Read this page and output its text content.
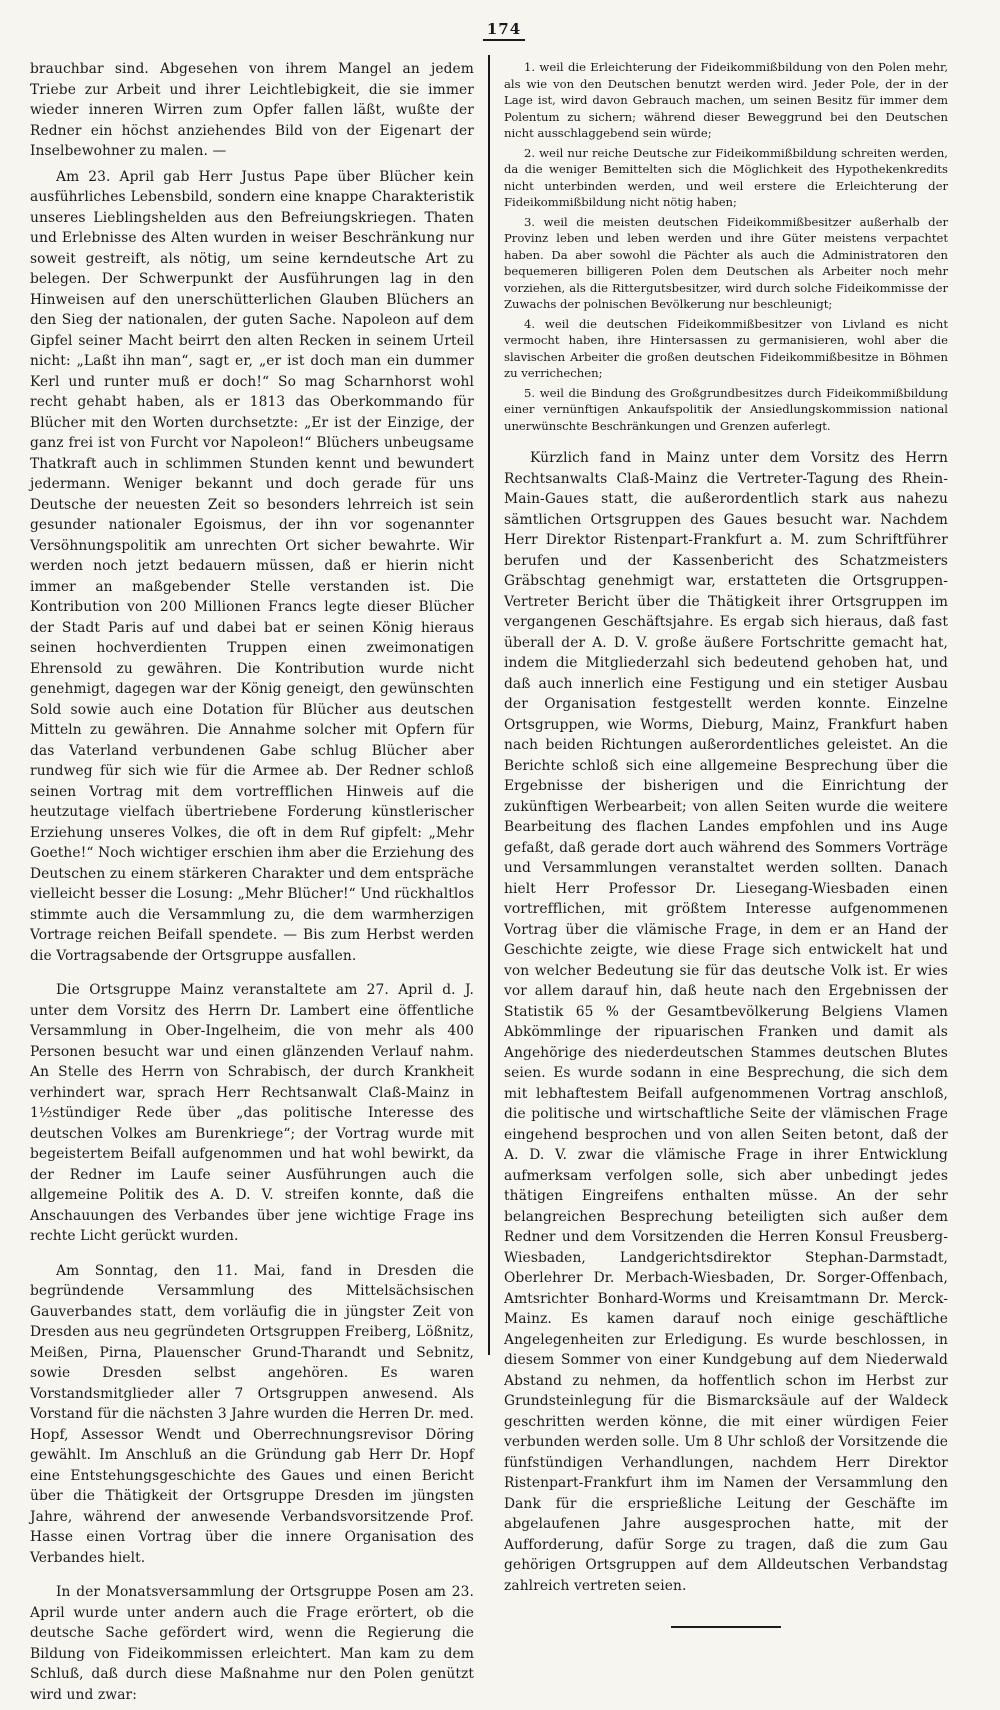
174

brauchbar sind. Abgesehen von ihrem Mangel an jedem Triebe zur Arbeit und ihrer Leichtlebigkeit, die sie immer wieder inneren Wirren zum Opfer fallen läßt, wußte der Redner ein höchst anziehendes Bild von der Eigenart der Inselbewohner zu malen. —

Am 23. April gab Herr Justus Pape über Blücher kein ausführliches Lebensbild, sondern eine knappe Charakteristik unseres Lieblingshelden aus den Befreiungskriegen. Thaten und Erlebnisse des Alten wurden in weiser Beschränkung nur soweit gestreift, als nötig, um seine kerndeutsche Art zu belegen. Der Schwerpunkt der Ausführungen lag in den Hinweisen auf den unerschütterlichen Glauben Blüchers an den Sieg der nationalen, der guten Sache. Napoleon auf dem Gipfel seiner Macht beirrt den alten Recken in seinem Urteil nicht: „Laßt ihn man“, sagt er, „er ist doch man ein dummer Kerl und runter muß er doch!“ So mag Scharnhorst wohl recht gehabt haben, als er 1813 das Oberkommando für Blücher mit den Worten durchsetzte: „Er ist der Einzige, der ganz frei ist von Furcht vor Napoleon!“ Blüchers unbeugsame Thatkraft auch in schlimmen Stunden kennt und bewundert jedermann. Weniger bekannt und doch gerade für uns Deutsche der neuesten Zeit so besonders lehrreich ist sein gesunder nationaler Egoismus, der ihn vor sogenannter Versöhnungspolitik am unrechten Ort sicher bewahrte. Wir werden noch jetzt bedauern müssen, daß er hierin nicht immer an maßgebender Stelle verstanden ist. Die Kontribution von 200 Millionen Francs legte dieser Blücher der Stadt Paris auf und dabei bat er seinen König hieraus seinen hochverdienten Truppen einen zweimonatigen Ehrensold zu gewähren. Die Kontribution wurde nicht genehmigt, dagegen war der König geneigt, den gewünschten Sold sowie auch eine Dotation für Blücher aus deutschen Mitteln zu gewähren. Die Annahme solcher mit Opfern für das Vaterland verbundenen Gabe schlug Blücher aber rundweg für sich wie für die Armee ab. Der Redner schloß seinen Vortrag mit dem vortrefflichen Hinweis auf die heutzutage vielfach übertriebene Forderung künstlerischer Erziehung unseres Volkes, die oft in dem Ruf gipfelt: „Mehr Goethe!“ Noch wichtiger erschien ihm aber die Erziehung des Deutschen zu einem stärkeren Charakter und dem entspräche vielleicht besser die Losung: „Mehr Blücher!“ Und rückhaltlos stimmte auch die Versammlung zu, die dem warmherzigen Vortrage reichen Beifall spendete. — Bis zum Herbst werden die Vortragsabende der Ortsgruppe ausfallen.

Die Ortsgruppe Mainz veranstaltete am 27. April d. J. unter dem Vorsitz des Herrn Dr. Lambert eine öffentliche Versammlung in Ober-Ingelheim, die von mehr als 400 Personen besucht war und einen glänzenden Verlauf nahm. An Stelle des Herrn von Schrabisch, der durch Krankheit verhindert war, sprach Herr Rechtsanwalt Claß-Mainz in 1½stündiger Rede über „das politische Interesse des deutschen Volkes am Burenkriege“; der Vortrag wurde mit begeistertem Beifall aufgenommen und hat wohl bewirkt, da der Redner im Laufe seiner Ausführungen auch die allgemeine Politik des A. D. V. streifen konnte, daß die Anschauungen des Verbandes über jene wichtige Frage ins rechte Licht gerückt wurden.

Am Sonntag, den 11. Mai, fand in Dresden die begründende Versammlung des Mittelsächsischen Gauverbandes statt, dem vorläufig die in jüngster Zeit von Dresden aus neu gegründeten Ortsgruppen Freiberg, Lößnitz, Meißen, Pirna, Plauenscher Grund-Tharandt und Sebnitz, sowie Dresden selbst angehören. Es waren Vorstandsmitglieder aller 7 Ortsgruppen anwesend. Als Vorstand für die nächsten 3 Jahre wurden die Herren Dr. med. Hopf, Assessor Wendt und Oberrechnungsrevisor Döring gewählt. Im Anschluß an die Gründung gab Herr Dr. Hopf eine Entstehungsgeschichte des Gaues und einen Bericht über die Thätigkeit der Ortsgruppe Dresden im jüngsten Jahre, während der anwesende Verbandsvorsitzende Prof. Hasse einen Vortrag über die innere Organisation des Verbandes hielt.

In der Monatsversammlung der Ortsgruppe Posen am 23. April wurde unter andern auch die Frage erörtert, ob die deutsche Sache gefördert wird, wenn die Regierung die Bildung von Fideikommissen erleichtert. Man kam zu dem Schluß, daß durch diese Maßnahme nur den Polen genützt wird und zwar:

1. weil die Erleichterung der Fideikommißbildung von den Polen mehr, als wie von den Deutschen benutzt werden wird. Jeder Pole, der in der Lage ist, wird davon Gebrauch machen, um seinen Besitz für immer dem Polentum zu sichern; während dieser Beweggrund bei den Deutschen nicht ausschlaggebend sein würde;

2. weil nur reiche Deutsche zur Fideikommißbildung schreiten werden, da die weniger Bemittelten sich die Möglichkeit des Hypothekenkredits nicht unterbinden werden, und weil erstere die Erleichterung der Fideikommißbildung nicht nötig haben;

3. weil die meisten deutschen Fideikommißbesitzer außerhalb der Provinz leben und leben werden und ihre Güter meistens verpachtet haben. Da aber sowohl die Pächter als auch die Administratoren den bequemeren billigeren Polen dem Deutschen als Arbeiter noch mehr vorziehen, als die Rittergutsbesitzer, wird durch solche Fideikommisse der Zuwachs der polnischen Bevölkerung nur beschleunigt;

4. weil die deutschen Fideikommißbesitzer von Livland es nicht vermocht haben, ihre Hintersassen zu germanisieren, wohl aber die slavischen Arbeiter die großen deutschen Fideikommißbesitze in Böhmen zu verrichechen;

5. weil die Bindung des Großgrundbesitzes durch Fideikommißbildung einer vernünftigen Ankaufspolitik der Ansiedlungskommission national unerwünschte Beschränkungen und Grenzen auferlegt.

Kürzlich fand in Mainz unter dem Vorsitz des Herrn Rechtsanwalts Claß-Mainz die Vertreter-Tagung des Rhein-Main-Gaues statt, die außerordentlich stark aus nahezu sämtlichen Ortsgruppen des Gaues besucht war. Nachdem Herr Direktor Ristenpart-Frankfurt a. M. zum Schriftführer berufen und der Kassenbericht des Schatzmeisters Gräbschtag genehmigt war, erstatteten die Ortsgruppen-Vertreter Bericht über die Thätigkeit ihrer Ortsgruppen im vergangenen Geschäftsjahre. Es ergab sich hieraus, daß fast überall der A. D. V. große äußere Fortschritte gemacht hat, indem die Mitgliederzahl sich bedeutend gehoben hat, und daß auch innerlich eine Festigung und ein stetiger Ausbau der Organisation festgestellt werden konnte. Einzelne Ortsgruppen, wie Worms, Dieburg, Mainz, Frankfurt haben nach beiden Richtungen außerordentliches geleistet. An die Berichte schloß sich eine allgemeine Besprechung über die Ergebnisse der bisherigen und die Einrichtung der zukünftigen Werbearbeit; von allen Seiten wurde die weitere Bearbeitung des flachen Landes empfohlen und ins Auge gefaßt, daß gerade dort auch während des Sommers Vorträge und Versammlungen veranstaltet werden sollten. Danach hielt Herr Professor Dr. Liesegang-Wiesbaden einen vortrefflichen, mit größtem Interesse aufgenommenen Vortrag über die vlämische Frage, in dem er an Hand der Geschichte zeigte, wie diese Frage sich entwickelt hat und von welcher Bedeutung sie für das deutsche Volk ist. Er wies vor allem darauf hin, daß heute nach den Ergebnissen der Statistik 65 % der Gesamtbevölkerung Belgiens Vlamen Abkömmlinge der ripuarischen Franken und damit als Angehörige des niederdeutschen Stammes deutschen Blutes seien. Es wurde sodann in eine Besprechung, die sich dem mit lebhaftestem Beifall aufgenommenen Vortrag anschloß, die politische und wirtschaftliche Seite der vlämischen Frage eingehend besprochen und von allen Seiten betont, daß der A. D. V. zwar die vlämische Frage in ihrer Entwicklung aufmerksam verfolgen solle, sich aber unbedingt jedes thätigen Eingreifens enthalten müsse. An der sehr belangreichen Besprechung beteiligten sich außer dem Redner und dem Vorsitzenden die Herren Konsul Freusberg-Wiesbaden, Landgerichtsdirektor Stephan-Darmstadt, Oberlehrer Dr. Merbach-Wiesbaden, Dr. Sorger-Offenbach, Amtsrichter Bonhard-Worms und Kreisamtmann Dr. Merck-Mainz. Es kamen darauf noch einige geschäftliche Angelegenheiten zur Erledigung. Es wurde beschlossen, in diesem Sommer von einer Kundgebung auf dem Niederwald Abstand zu nehmen, da hoffentlich schon im Herbst zur Grundsteinlegung für die Bismarcksäule auf der Waldeck geschritten werden könne, die mit einer würdigen Feier verbunden werden solle. Um 8 Uhr schloß der Vorsitzende die fünfstündigen Verhandlungen, nachdem Herr Direktor Ristenpart-Frankfurt ihm im Namen der Versammlung den Dank für die ersprießliche Leitung der Geschäfte im abgelaufenen Jahre ausgesprochen hatte, mit der Aufforderung, dafür Sorge zu tragen, daß die zum Gau gehörigen Ortsgruppen auf dem Alldeutschen Verbandstag zahlreich vertreten seien.
